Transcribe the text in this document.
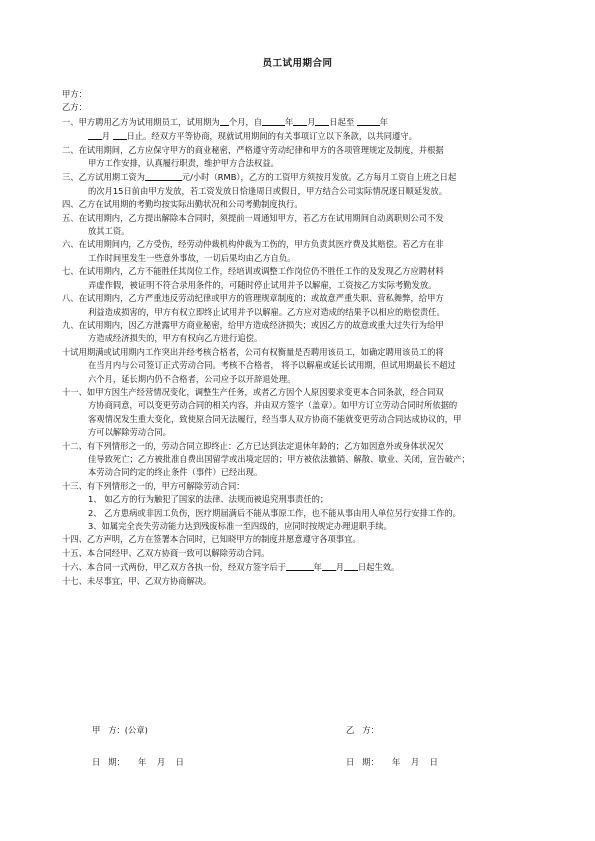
员工试用期合同
甲方：
乙方：
一、甲方聘用乙方为试用期员工，试用期为 个月，自	年 月 日起至	年
月 日止。经双方平等协商，现就试用期间的有关事项订立以下条款，以共同遵守。
二、在试用期间，乙方应保守甲方的商业秘密，严格遵守劳动纪律和甲方的各项管理规定及制度，并根据
甲方工作安排，认真履行职责，维护甲方合法权益。
三、乙方试用期工资为	元/小时（RMB），乙方的工资甲方须按月发放。乙方每月工资自上班之日起
的次月15日前由甲方发放，若工资发放日恰逢周日或假日，甲方结合公司实际情况逐日顺延发放。
四、乙方在试用期的考勤均按实际出勤状况和公司考勤制度执行。
五、在试用期内，乙方提出解除本合同时，须提前一周通知甲方，若乙方在试用期间自动离职则公司不发
放其工资。
六、在试用期间内，乙方受伤，经劳动仲裁机构仲裁为工伤的，甲方负责其医疗费及其赔偿。若乙方在非
工作时间里发生一些意外事故，一切后果均由乙方自负。
七、在试用期内，乙方不能胜任其岗位工作，经培训或调整工作岗位仍不胜任工作的及发现乙方应聘材料
弄虚作假，被证明不符合录用条件的，可随时停止试用并予以解雇，工资按乙方实际考勤发放。
八、在试用期内，乙方严重违反劳动纪律或甲方的管理规章制度的；或故意严重失职、营私舞弊，给甲方
利益造成损害的，甲方有权立即终止试用并予以解雇。乙方应对造成的结果予以相应的赔偿责任。
九、在试用期内，因乙方泄露甲方商业秘密，给甲方造成经济损失；或因乙方的故意或重大过失行为给甲
方造成经济损失的，甲方有权向乙方进行追偿。
十试用期满或试用期内工作突出并经考核合格者，公司有权衡量是否聘用该员工，如确定聘用该员工的将
在当月内与公司签订正式劳动合同。考核不合格者， 将予以解雇或延长试用期，但试用期最长不超过
六个月，延长期内仍不合格者，公司应予以开辞退处理。
十一、如甲方因生产经营情况变化，调整生产任务，或者乙方因个人原因要求变更本合同条款，经合同双
方协商同意，可以变更劳动合同的相关内容，并由双方签字（盖章）。如甲方订立劳动合同时所依据的
客观情况发生重大变化，致使原合同无法履行，经当事人双方协商不能就变更劳动合同达成协议的，甲
方可以解除劳动合同。
十二、有下列情形之一的，劳动合同立即终止：乙方已达到法定退休年龄的；乙方如因意外或身体状况欠
佳导致死亡；乙方被批准自费出国留学或出境定居的；甲方被依法撤销、解散、歇业、关闭，宣告破产；
本劳动合同约定的终止条件（事件）已经出现。
十三、有下列情形之一的，甲方可解除劳动合同：
1、 如乙方的行为触犯了国家的法律、法规而被追究刑事责任的；
2、 乙方患病或非因工负伤，医疗期届满后不能从事原工作，也不能从事由用人单位另行安排工作的。
3、如属完全丧失劳动能力达到残废标准一至四级的，应同时按规定办理退职手续。
十四、乙方声明，乙方在签署本合同时，已知晓甲方的制度并愿意遵守各项事宜。
十五、本合同经甲、乙双方协商一致可以解除劳动合同。
十六、本合同一式两份，甲乙双方各执一份，经双方签字后于	年 月 日起生效。
十七、未尽事宜，甲、乙双方协商解决。
甲   方：(公章)	乙   方：
日   期：     年    月    日	日   期：     年    月    日
